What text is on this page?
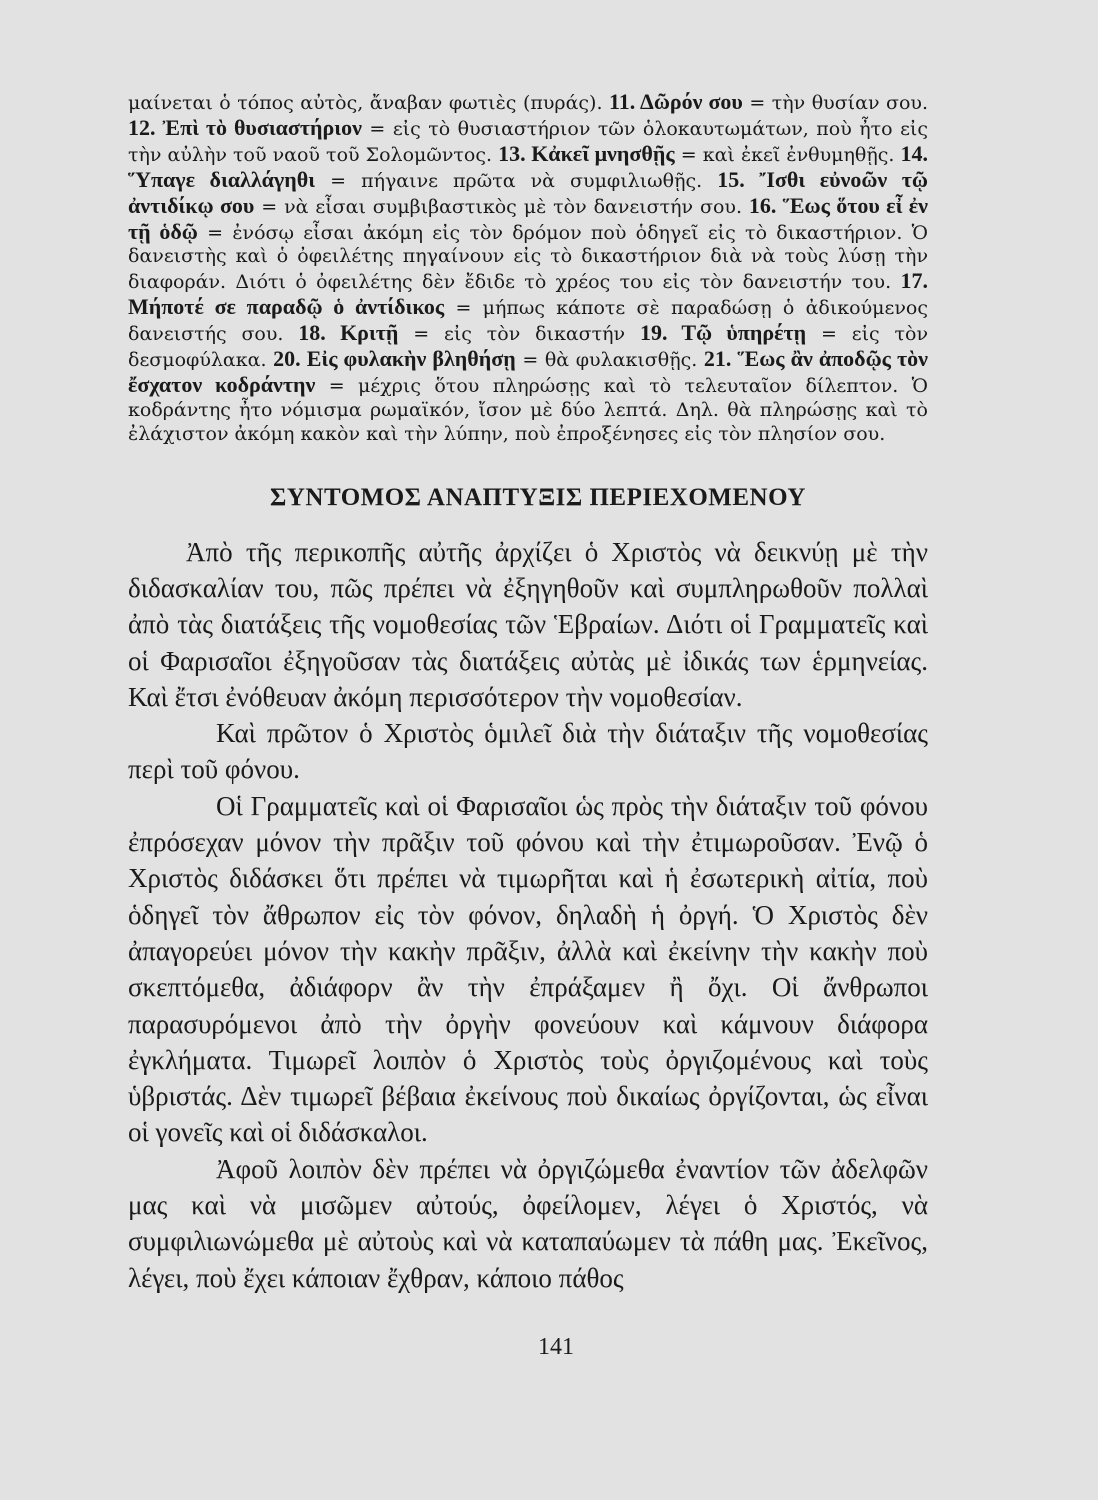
μαίνεται ὁ τόπος αὐτὸς, ἄναβαν φωτιὲς (πυράς). 11. Δῶρόν σου = τὴν θυσίαν σου. 12. Ἐπὶ τὸ θυσιαστήριον = εἰς τὸ θυσιαστήριον τῶν ὁλοκαυτωμάτων, ποὺ ἦτο εἰς τὴν αὐλὴν τοῦ ναοῦ τοῦ Σολομῶντος. 13. Κἀκεῖ μνησθῇς = καὶ ἐκεῖ ἐνθυμηθῇς. 14. Ὕπαγε διαλλάγηθι = πήγαινε πρῶτα νὰ συμφιλιωθῇς. 15. Ἴσθι εὐνοῶν τῷ ἀντιδίκῳ σου = νὰ εἶσαι συμβιβαστικὸς μὲ τὸν δανειστήν σου. 16. Ἕως ὅτου εἶ ἐν τῇ ὁδῷ = ἐνόσῳ εἶσαι ἀκόμη εἰς τὸν δρόμον ποὺ ὁδηγεῖ εἰς τὸ δικαστήριον. Ὁ δανειστὴς καὶ ὁ ὀφειλέτης πηγαίνουν εἰς τὸ δικαστήριον διὰ νὰ τοὺς λύσῃ τὴν διαφοράν. Διότι ὁ ὀφειλέτης δὲν ἔδιδε τὸ χρέος του εἰς τὸν δανειστήν του. 17. Μήποτέ σε παραδῷ ὁ ἀντίδικος = μήπως κάποτε σὲ παραδώσῃ ὁ ἀδικούμενος δανειστής σου. 18. Κριτῇ = εἰς τὸν δικαστήν 19. Τῷ ὑπηρέτῃ = εἰς τὸν δεσμοφύλακα. 20. Εἰς φυλακὴν βληθήσῃ = θὰ φυλακισθῇς. 21. Ἕως ἂν ἀποδῷς τὸν ἔσχατον κοδράντην = μέχρις ὅτου πληρώσῃς καὶ τὸ τελευταῖον δίλεπτον. Ὁ κοδράντης ἦτο νόμισμα ρωμαϊκόν, ἴσον μὲ δύο λεπτά. Δηλ. θὰ πληρώσῃς καὶ τὸ ἐλάχιστον ἀκόμη κακὸν καὶ τὴν λύπην, ποὺ ἐπροξένησες εἰς τὸν πλησίον σου.

ΣΥΝΤΟΜΟΣ ΑΝΑΠΤΥΞΙΣ ΠΕΡΙΕΧΟΜΕΝΟΥ

Ἀπὸ τῆς περικοπῆς αὐτῆς ἀρχίζει ὁ Χριστὸς νὰ δεικνύῃ μὲ τὴν διδασκαλίαν του, πῶς πρέπει νὰ ἐξηγηθοῦν καὶ συμπληρωθοῦν πολλαὶ ἀπὸ τὰς διατάξεις τῆς νομοθεσίας τῶν Ἑβραίων. Διότι οἱ Γραμματεῖς καὶ οἱ Φαρισαῖοι ἐξηγοῦσαν τὰς διατάξεις αὐτὰς μὲ ἰδικάς των ἑρμηνείας. Καὶ ἔτσι ἐνόθευαν ἀκόμη περισσότερον τὴν νομοθεσίαν.

Καὶ πρῶτον ὁ Χριστὸς ὁμιλεῖ διὰ τὴν διάταξιν τῆς νομοθεσίας περὶ τοῦ φόνου.

Οἱ Γραμματεῖς καὶ οἱ Φαρισαῖοι ὡς πρὸς τὴν διάταξιν τοῦ φόνου ἐπρόσεχαν μόνον τὴν πρᾶξιν τοῦ φόνου καὶ τὴν ἐτιμωροῦσαν. Ἐνῷ ὁ Χριστὸς διδάσκει ὅτι πρέπει νὰ τιμωρῆται καὶ ἡ ἐσωτερικὴ αἰτία, ποὺ ὁδηγεῖ τὸν ἄθρωπον εἰς τὸν φόνον, δηλαδὴ ἡ ὀργή. Ὁ Χριστὸς δὲν ἀπαγορεύει μόνον τὴν κακὴν πρᾶξιν, ἀλλὰ καὶ ἐκείνην τὴν κακὴν ποὺ σκεπτόμεθα, ἀδιάφορν ἂν τὴν ἐπράξαμεν ἢ ὄχι. Οἱ ἄνθρωποι παρασυρόμενοι ἀπὸ τὴν ὀργὴν φονεύουν καὶ κάμνουν διάφορα ἐγκλήματα. Τιμωρεῖ λοιπὸν ὁ Χριστὸς τοὺς ὀργιζομένους καὶ τοὺς ὑβριστάς. Δὲν τιμωρεῖ βέβαια ἐκείνους ποὺ δικαίως ὀργίζονται, ὡς εἶναι οἱ γονεῖς καὶ οἱ διδάσκαλοι.

Ἀφοῦ λοιπὸν δὲν πρέπει νὰ ὀργιζώμεθα ἐναντίον τῶν ἀδελφῶν μας καὶ νὰ μισῶμεν αὐτούς, ὀφείλομεν, λέγει ὁ Χριστός, νὰ συμφιλιωνώμεθα μὲ αὐτοὺς καὶ νὰ καταπαύωμεν τὰ πάθη μας. Ἐκεῖνος, λέγει, ποὺ ἔχει κάποιαν ἔχθραν, κάποιο πάθος

141
